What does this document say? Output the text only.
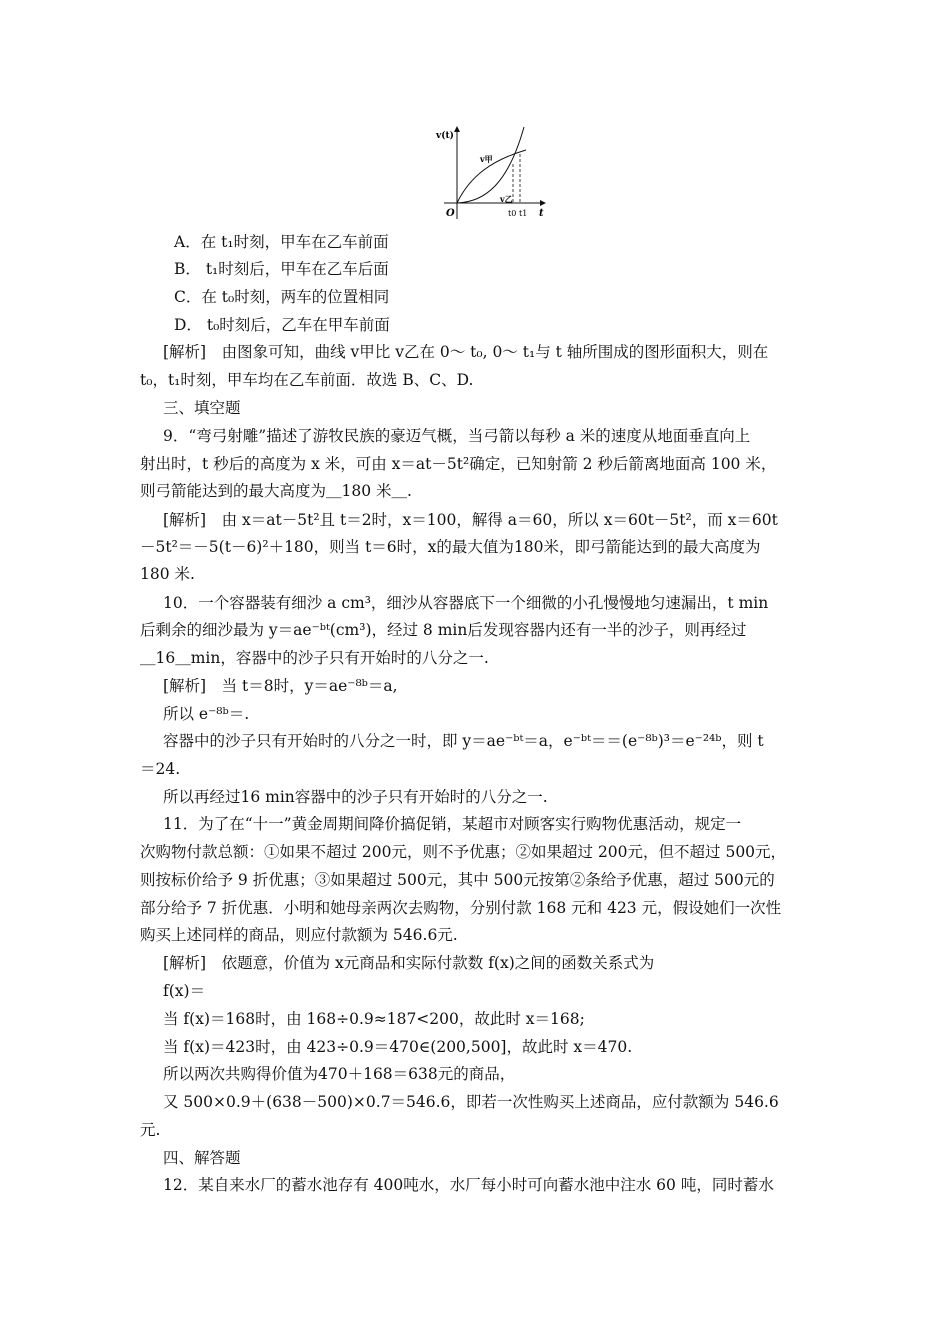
v(t)
t
O
v甲
v乙
t0 t1
A．在 t₁时刻，甲车在乙车前面
B． t₁时刻后，甲车在乙车后面
C．在 t₀时刻，两车的位置相同
D． t₀时刻后，乙车在甲车前面
[解析]　由图象可知，曲线 v甲比 v乙在 0～ t₀, 0～ t₁与 t 轴所围成的图形面积大，则在
t₀，t₁时刻，甲车均在乙车前面．故选 B、C、D.
三、填空题
9．“弯弓射雕”描述了游牧民族的豪迈气概，当弓箭以每秒 a 米的速度从地面垂直向上
射出时，t 秒后的高度为 x 米，可由 x＝at－5t²确定，已知射箭 2 秒后箭离地面高 100 米，
则弓箭能达到的最大高度为＿180 米＿.
[解析]　由 x＝at－5t²且 t＝2时，x＝100，解得 a＝60，所以 x＝60t－5t²，而 x＝60t
－5t²＝－5(t－6)²＋180，则当 t＝6时，x的最大值为180米，即弓箭能达到的最大高度为
180 米.
10．一个容器装有细沙 a cm³，细沙从容器底下一个细微的小孔慢慢地匀速漏出，t min
后剩余的细沙最为 y＝ae⁻ᵇᵗ(cm³)，经过 8 min后发现容器内还有一半的沙子，则再经过
＿16＿min，容器中的沙子只有开始时的八分之一.
[解析]　当 t＝8时，y＝ae⁻⁸ᵇ＝a,
所以 e⁻⁸ᵇ＝.
容器中的沙子只有开始时的八分之一时，即 y＝ae⁻ᵇᵗ＝a，e⁻ᵇᵗ＝＝(e⁻⁸ᵇ)³＝e⁻²⁴ᵇ，则 t
＝24.
所以再经过16 min容器中的沙子只有开始时的八分之一.
11．为了在“十一”黄金周期间降价搞促销，某超市对顾客实行购物优惠活动，规定一
次购物付款总额：①如果不超过 200元，则不予优惠；②如果超过 200元，但不超过 500元，
则按标价给予 9 折优惠；③如果超过 500元，其中 500元按第②条给予优惠，超过 500元的
部分给予 7 折优惠．小明和她母亲两次去购物，分别付款 168 元和 423 元，假设她们一次性
购买上述同样的商品，则应付款额为 546.6元.
[解析]　依题意，价值为 x元商品和实际付款数 f(x)之间的函数关系式为
f(x)＝
当 f(x)＝168时，由 168÷0.9≈187<200，故此时 x＝168;
当 f(x)＝423时，由 423÷0.9＝470∈(200,500]，故此时 x＝470.
所以两次共购得价值为470＋168＝638元的商品，
又 500×0.9＋(638－500)×0.7＝546.6，即若一次性购买上述商品，应付款额为 546.6
元.
四、解答题
12．某自来水厂的蓄水池存有 400吨水，水厂每小时可向蓄水池中注水 60 吨，同时蓄水
